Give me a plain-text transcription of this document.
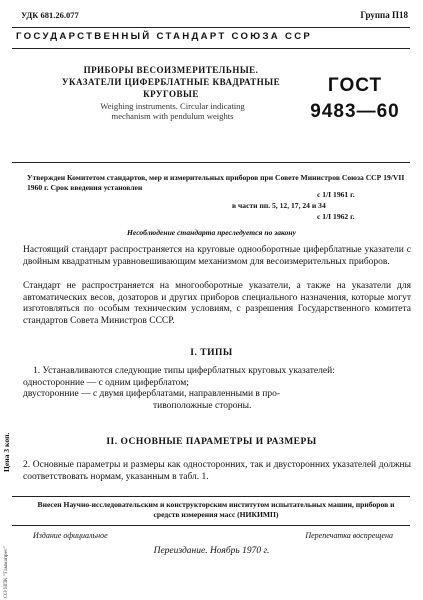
УДК 681.26.077	Группа П18
ГОСУДАРСТВЕННЫЙ СТАНДАРТ СОЮЗА ССР
ПРИБОРЫ ВЕСОИЗМЕРИТЕЛЬНЫЕ.
УКАЗАТЕЛИ ЦИФЕРБЛАТНЫЕ КВАДРАТНЫЕ
КРУГОВЫЕ
Weighing instruments. Circular indicating
mechanism with pendulum weights
ГОСТ
9483—60
Утвержден Комитетом стандартов, мер и измерительных приборов при Совете Министров Союза ССР 19/VII 1960 г. Срок введения установлен
с 1/I 1961 г.
в части пп. 5, 12, 17, 24 и 34
с 1/I 1962 г.
Несоблюдение стандарта преследуется по закону
Настоящий стандарт распространяется на круговые однооборотные циферблатные указатели с двойным квадратным уравновешивающим механизмом для весоизмерительных приборов.
Стандарт не распространяется на многооборотные указатели, а также на указатели для автоматических весов, дозаторов и других приборов специального назначения, которые могут изготовляться по особым техническим условиям, с разрешения Государственного комитета стандартов Совета Министров СССР.
I. ТИПЫ
1. Устанавливаются следующие типы циферблатных круговых указателей:
односторонние — с одним циферблатом;
двусторонние — с двумя циферблатами, направленными в про-
тивоположные стороны.
II. ОСНОВНЫЕ ПАРАМЕТРЫ И РАЗМЕРЫ
2. Основные параметры и размеры как односторонних, так и двусторонних указателей должны соответствовать нормам, указанным в табл. 1.
Внесен Научно-исследовательским и конструкторским институтом испытательных машин, приборов и средств измерения масс (НИКИМП)
Издание официальное	Перепечатка воспрещена
Переиздание. Ноябрь 1970 г.
Цена 3 коп.
ОЭ НПК "Гаммапрес"
